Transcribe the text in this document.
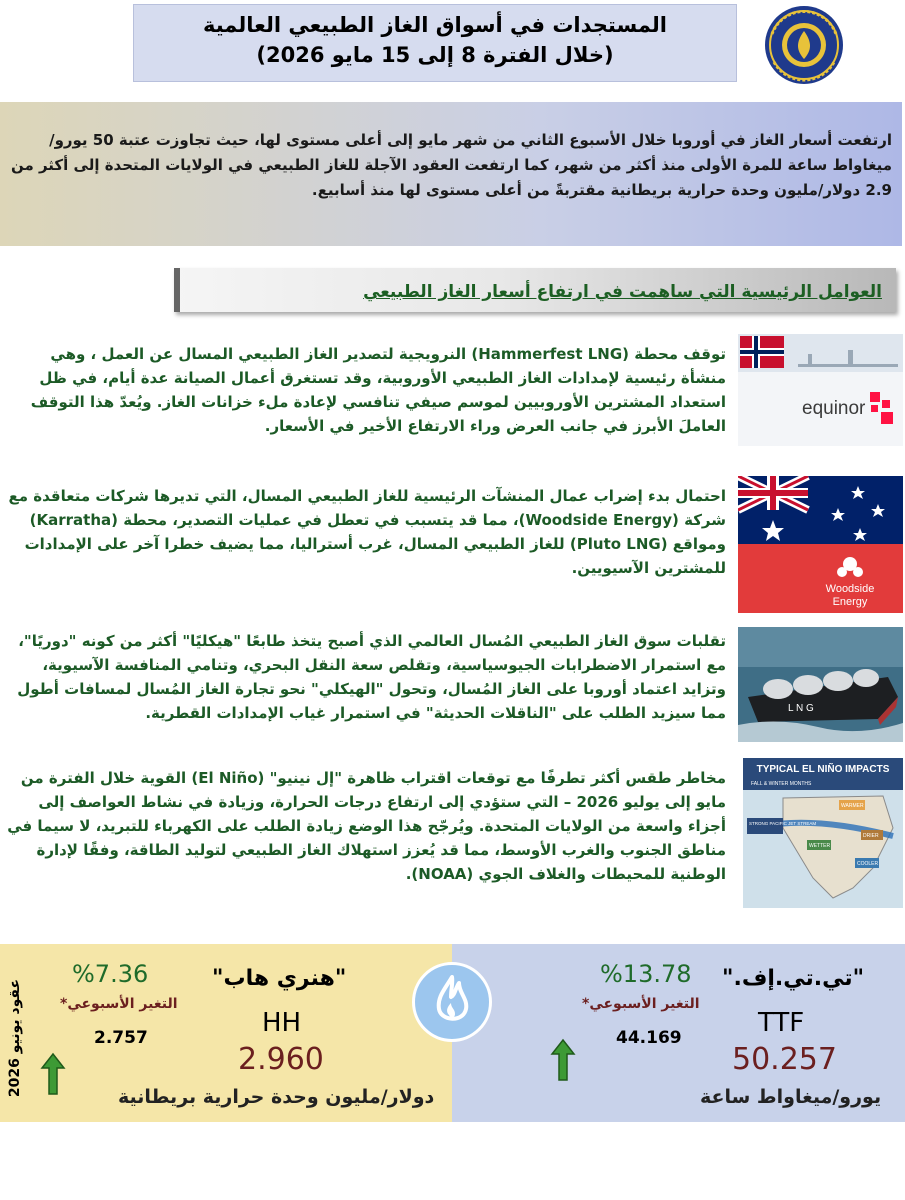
المستجدات في أسواق الغاز الطبيعي العالمية
(خلال الفترة 8 إلى 15 مايو 2026)
ارتفعت أسعار الغاز في أوروبا خلال الأسبوع الثاني من شهر مايو إلى أعلى مستوى لها، حيث تجاوزت عتبة 50 يورو/ميغاواط ساعة للمرة الأولى منذ أكثر من شهر، كما ارتفعت العقود الآجلة للغاز الطبيعي في الولايات المتحدة إلى أكثر من 2.9 دولار/مليون وحدة حرارية بريطانية مقتربةً من أعلى مستوى لها منذ أسابيع.
العوامل الرئيسية التي ساهمت في ارتفاع أسعار الغاز الطبيعي
توقف محطة (Hammerfest LNG) النرويجية لتصدير الغاز الطبيعي المسال عن العمل ، وهي منشأة رئيسية لإمدادات الغاز الطبيعي الأوروبية، وقد تستغرق أعمال الصيانة عدة أيام، في ظل استعداد المشترين الأوروبيين لموسم صيفي تنافسي لإعادة ملء خزانات الغاز. ويُعدّ هذا التوقف العاملَ الأبرز في جانب العرض وراء الارتفاع الأخير في الأسعار.
احتمال بدء إضراب عمال المنشآت الرئيسية للغاز الطبيعي المسال، التي تديرها شركات متعاقدة مع شركة (Woodside Energy)، مما قد يتسبب في تعطل في عمليات التصدير، محطة (Karratha) ومواقع (Pluto LNG) للغاز الطبيعي المسال، غرب أستراليا، مما يضيف خطرا آخر على الإمدادات للمشترين الآسيويين.
تقلبات سوق الغاز الطبيعي المُسال العالمي الذي أصبح يتخذ طابعًا "هيكليًا" أكثر من كونه "دوريًا"، مع استمرار الاضطرابات الجيوسياسية، وتقلص سعة النقل البحري، وتنامي المنافسة الآسيوية، وتزايد اعتماد أوروبا على الغاز المُسال، وتحول "الهيكلي" نحو تجارة الغاز المُسال لمسافات أطول مما سيزيد الطلب على "الناقلات الحديثة" في استمرار غياب الإمدادات القطرية.
مخاطر طقس أكثر تطرفًا مع توقعات اقتراب ظاهرة "إل نينيو" (El Niño) القوية خلال الفترة من مايو إلى يوليو 2026 – التي ستؤدي إلى ارتفاع درجات الحرارة، وزيادة في نشاط العواصف إلى أجزاء واسعة من الولايات المتحدة. ويُرجّح هذا الوضع زيادة الطلب على الكهرباء للتبريد، لا سيما في مناطق الجنوب والغرب الأوسط، مما قد يُعزز استهلاك الغاز الطبيعي لتوليد الطاقة، وفقًا لإدارة الوطنية للمحيطات والغلاف الجوي (NOAA).
equinor
Woodside
Energy
L N G
TYPICAL EL NIÑO IMPACTS
FALL & WINTER MONTHS
STRONG PACIFIC JET STREAM
WARMER
WETTER
DRIER
COOLER
عقود يونيو 2026
%7.36
التغير الأسبوعي*
2.757
"هنري هاب"
HH
2.960
دولار/مليون وحدة حرارية بريطانية
%13.78
التغير الأسبوعي*
44.169
"تي.تي.إف."
TTF
50.257
يورو/ميغاواط ساعة
